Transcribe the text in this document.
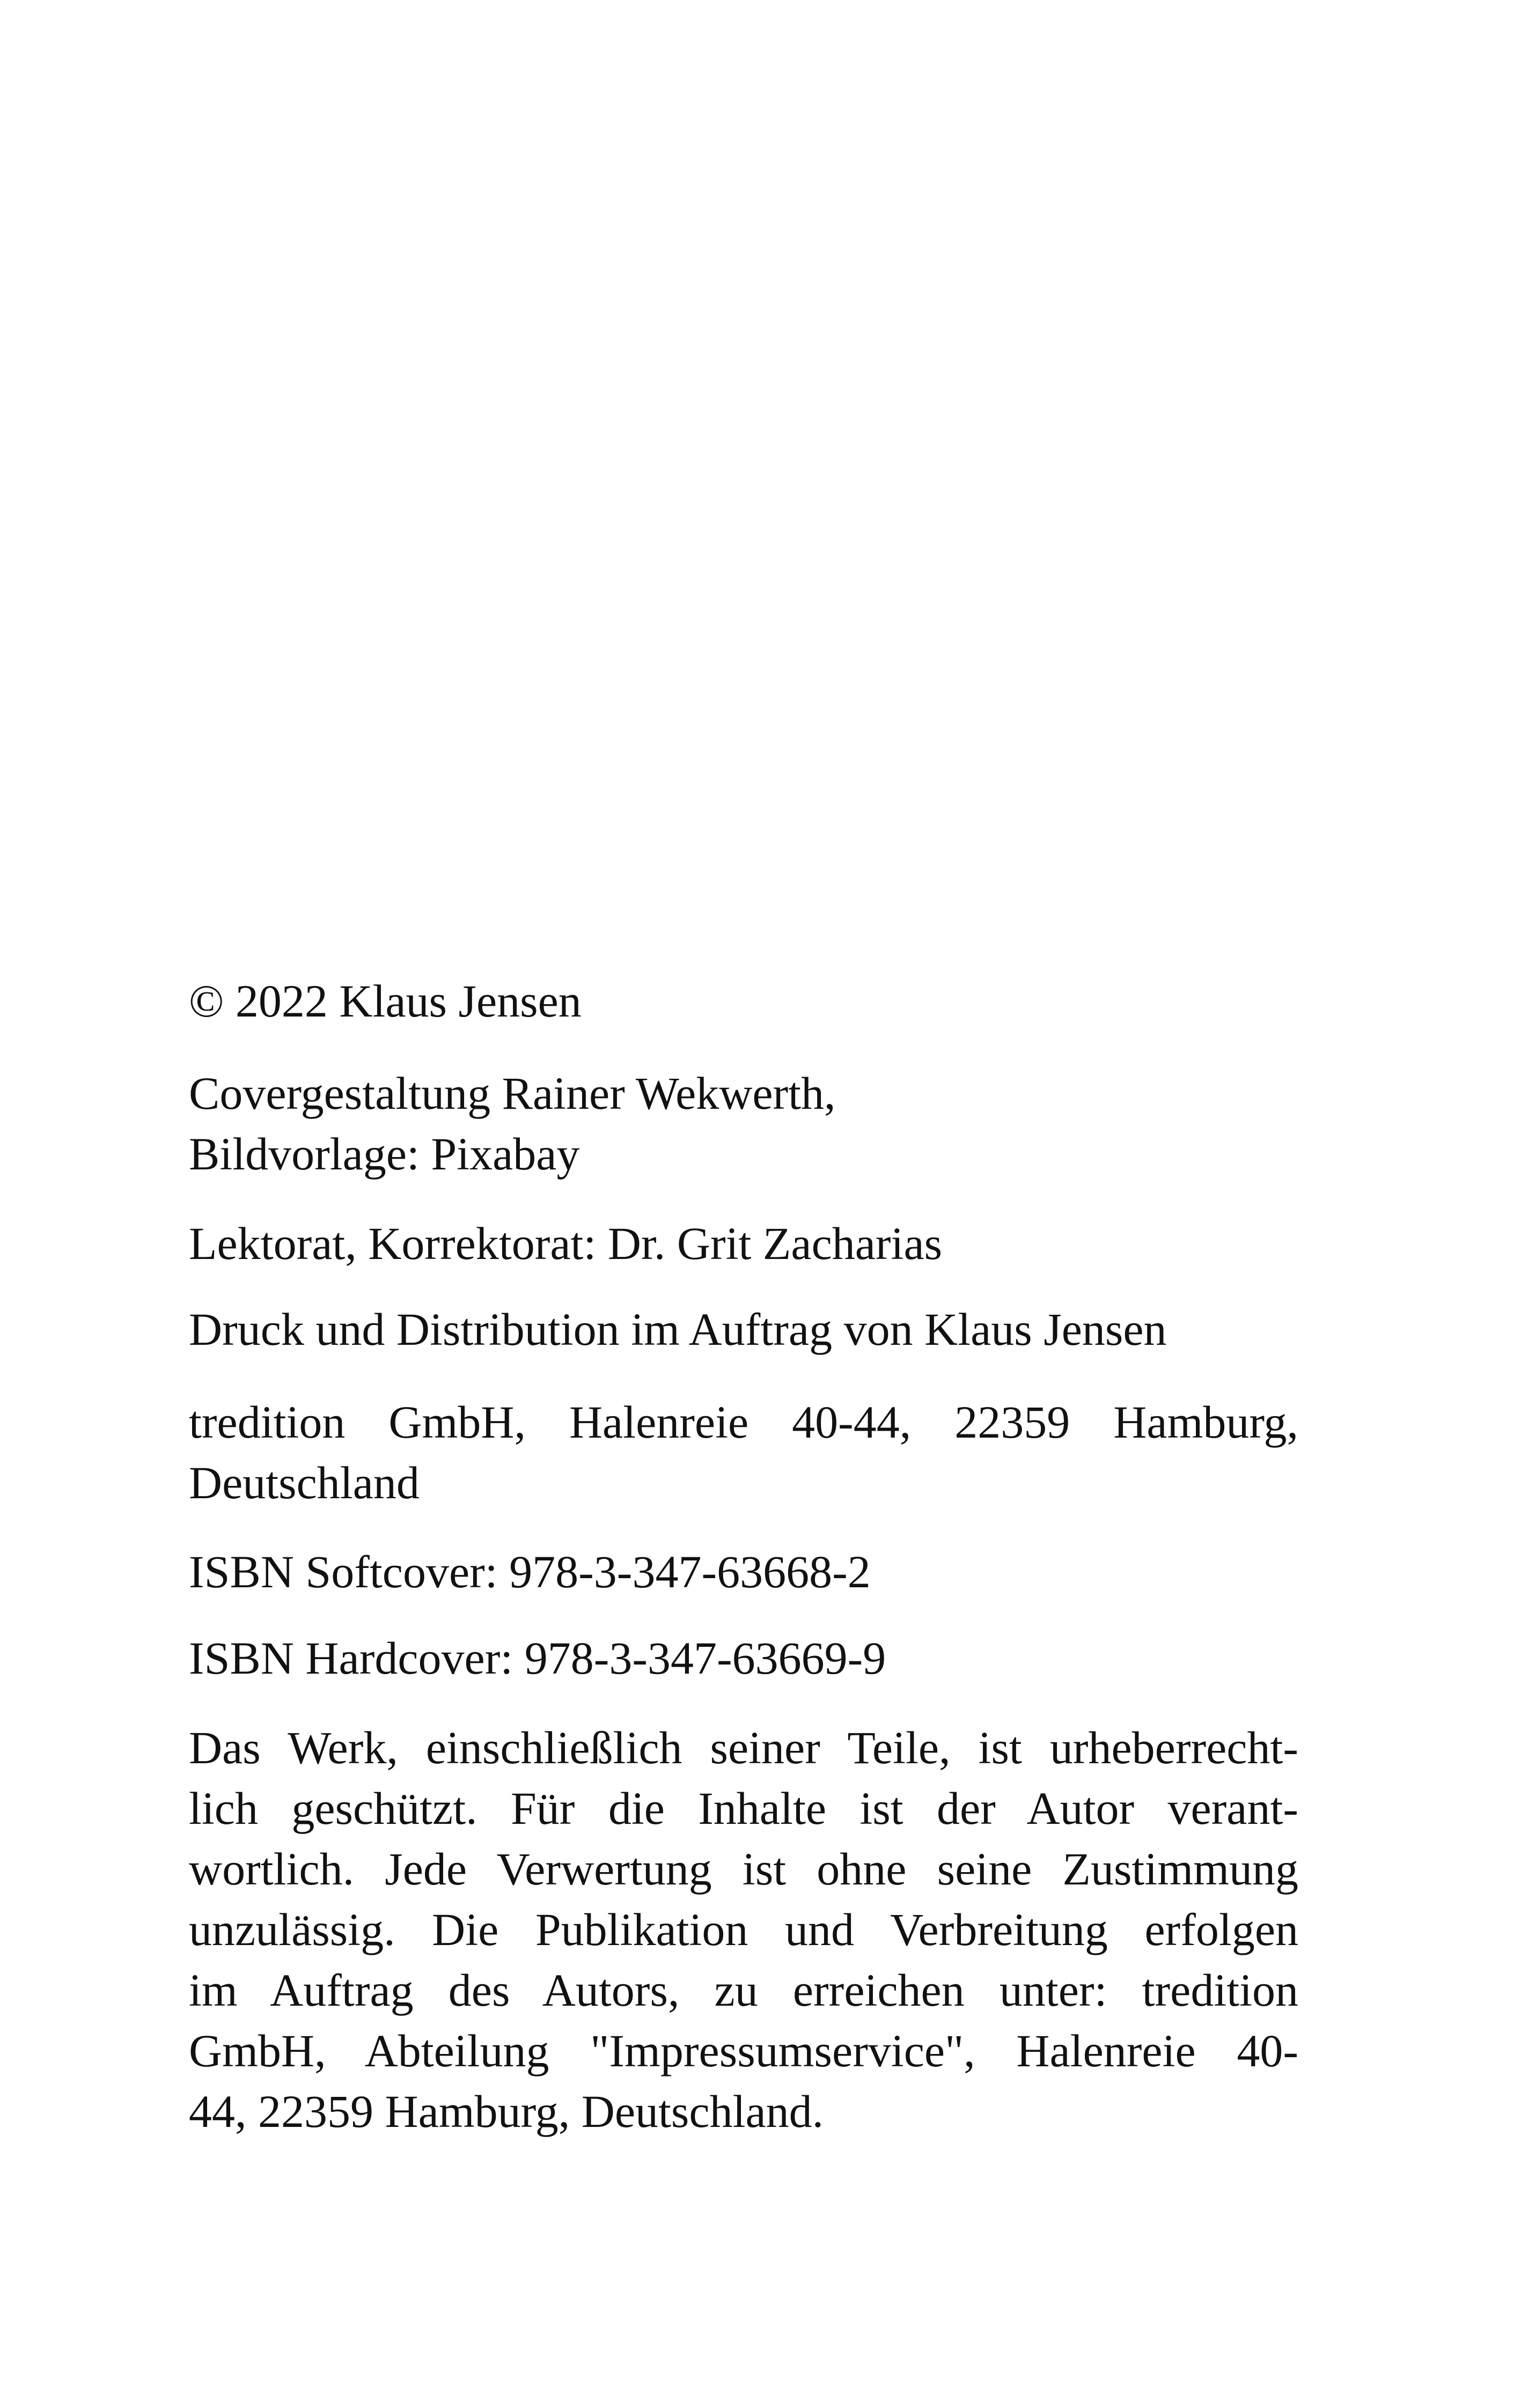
© 2022 Klaus Jensen

Covergestaltung Rainer Wekwerth,
Bildvorlage: Pixabay

Lektorat, Korrektorat: Dr. Grit Zacharias

Druck und Distribution im Auftrag von Klaus Jensen

tredition GmbH, Halenreie 40-44, 22359 Hamburg,
Deutschland

ISBN Softcover: 978-3-347-63668-2

ISBN Hardcover: 978-3-347-63669-9

Das Werk, einschließlich seiner Teile, ist urheberrecht-
lich geschützt. Für die Inhalte ist der Autor verant-
wortlich. Jede Verwertung ist ohne seine Zustimmung
unzulässig. Die Publikation und Verbreitung erfolgen
im Auftrag des Autors, zu erreichen unter: tredition
GmbH, Abteilung "Impressumservice", Halenreie 40-
44, 22359 Hamburg, Deutschland.
